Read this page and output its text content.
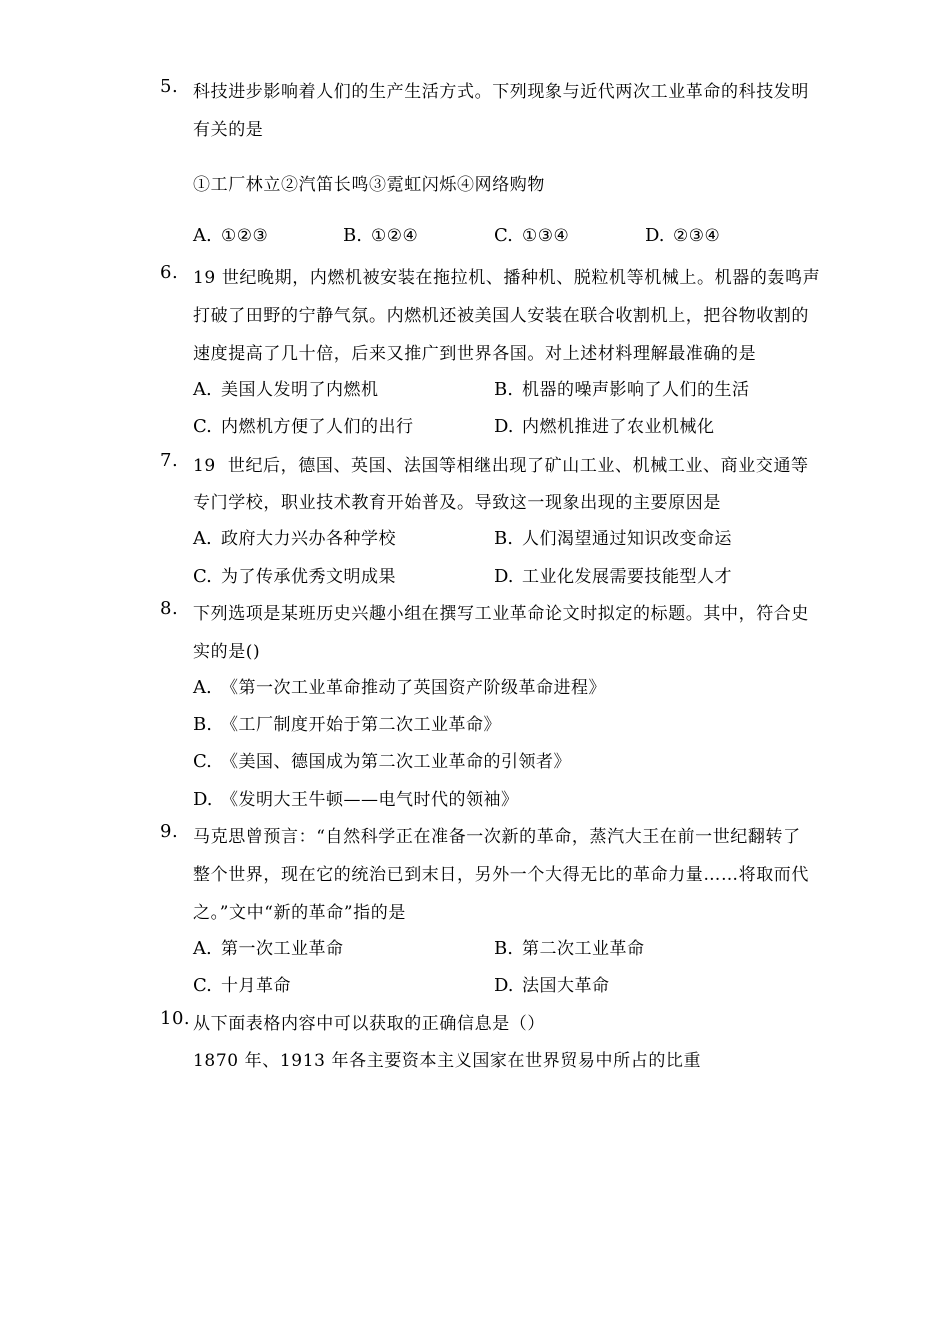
5. 科技进步影响着人们的生产生活方式。下列现象与近代两次工业革命的科技发明
有关的是
①工厂林立②汽笛长鸣③霓虹闪烁④网络购物
A. ①②③	B. ①②④	C. ①③④	D. ②③④
6. 19 世纪晚期，内燃机被安装在拖拉机、播种机、脱粒机等机械上。机器的轰鸣声
打破了田野的宁静气氛。内燃机还被美国人安装在联合收割机上，把谷物收割的
速度提高了几十倍，后来又推广到世界各国。对上述材料理解最准确的是
A. 美国人发明了内燃机	B. 机器的噪声影响了人们的生活
C. 内燃机方便了人们的出行	D. 内燃机推进了农业机械化
7. 19  世纪后，德国、英国、法国等相继出现了矿山工业、机械工业、商业交通等
专门学校，职业技术教育开始普及。导致这一现象出现的主要原因是
A. 政府大力兴办各种学校	B. 人们渴望通过知识改变命运
C. 为了传承优秀文明成果	D. 工业化发展需要技能型人才
8. 下列选项是某班历史兴趣小组在撰写工业革命论文时拟定的标题。其中，符合史
实的是()
A. 《第一次工业革命推动了英国资产阶级革命进程》
B. 《工厂制度开始于第二次工业革命》
C. 《美国、德国成为第二次工业革命的引领者》
D. 《发明大王牛顿——电气时代的领袖》
9. 马克思曾预言：“自然科学正在准备一次新的革命，蒸汽大王在前一世纪翻转了
整个世界，现在它的统治已到末日，另外一个大得无比的革命力量……将取而代
之。”文中“新的革命”指的是
A. 第一次工业革命	B. 第二次工业革命
C. 十月革命	D. 法国大革命
10. 从下面表格内容中可以获取的正确信息是（）
1870 年、1913 年各主要资本主义国家在世界贸易中所占的比重
